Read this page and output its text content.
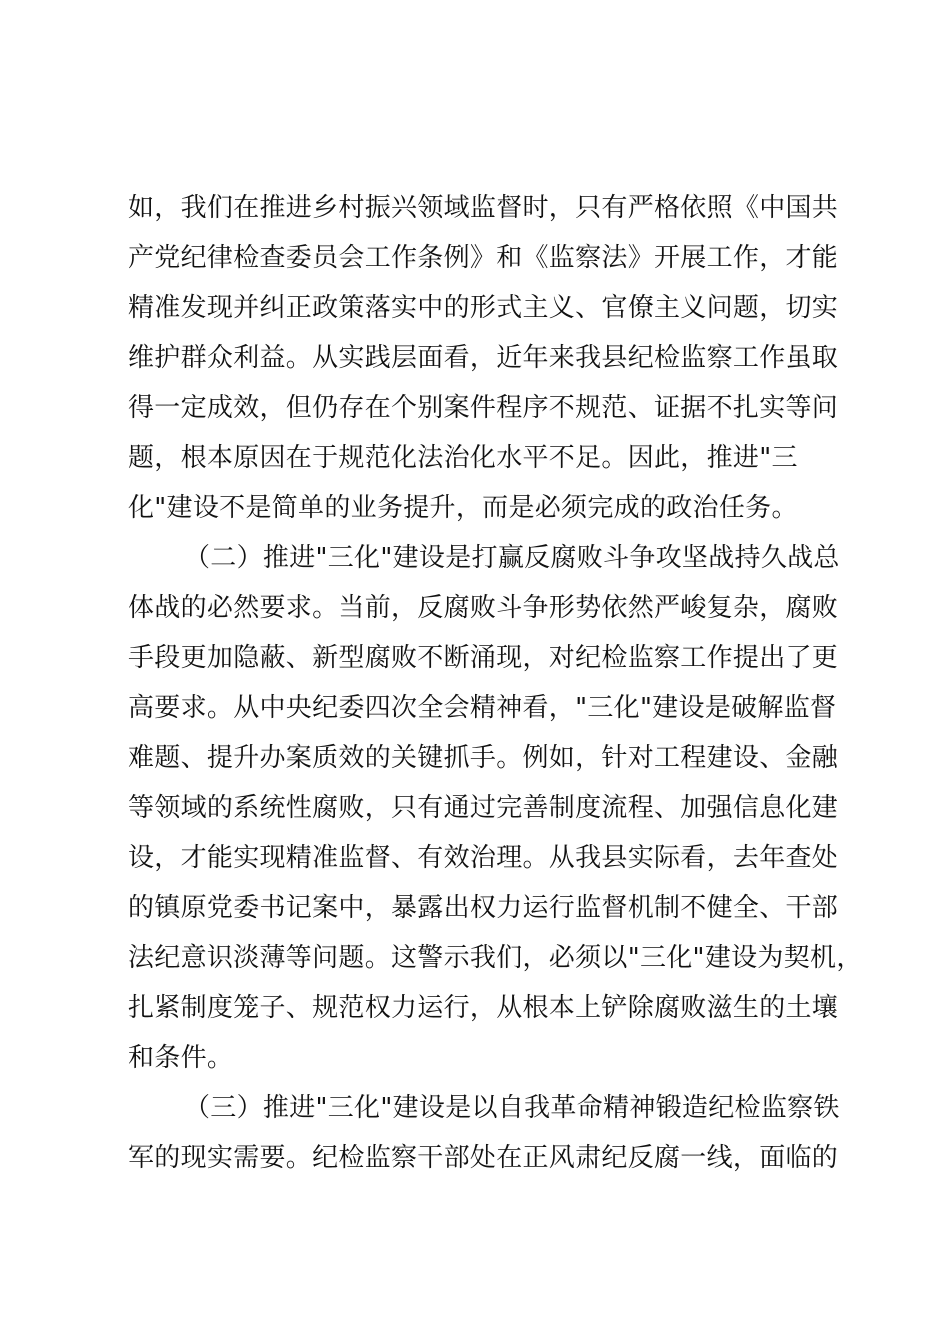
如，我们在推进乡村振兴领域监督时，只有严格依照《中国共
产党纪律检查委员会工作条例》和《监察法》开展工作，才能
精准发现并纠正政策落实中的形式主义、官僚主义问题，切实
维护群众利益。从实践层面看，近年来我县纪检监察工作虽取
得一定成效，但仍存在个别案件程序不规范、证据不扎实等问
题，根本原因在于规范化法治化水平不足。因此，推进"三
化"建设不是简单的业务提升，而是必须完成的政治任务。
（二）推进"三化"建设是打赢反腐败斗争攻坚战持久战总
体战的必然要求。当前，反腐败斗争形势依然严峻复杂，腐败
手段更加隐蔽、新型腐败不断涌现，对纪检监察工作提出了更
高要求。从中央纪委四次全会精神看，"三化"建设是破解监督
难题、提升办案质效的关键抓手。例如，针对工程建设、金融
等领域的系统性腐败，只有通过完善制度流程、加强信息化建
设，才能实现精准监督、有效治理。从我县实际看，去年查处
的镇原党委书记案中，暴露出权力运行监督机制不健全、干部
法纪意识淡薄等问题。这警示我们，必须以"三化"建设为契机，
扎紧制度笼子、规范权力运行，从根本上铲除腐败滋生的土壤
和条件。
（三）推进"三化"建设是以自我革命精神锻造纪检监察铁
军的现实需要。纪检监察干部处在正风肃纪反腐一线，面临的
